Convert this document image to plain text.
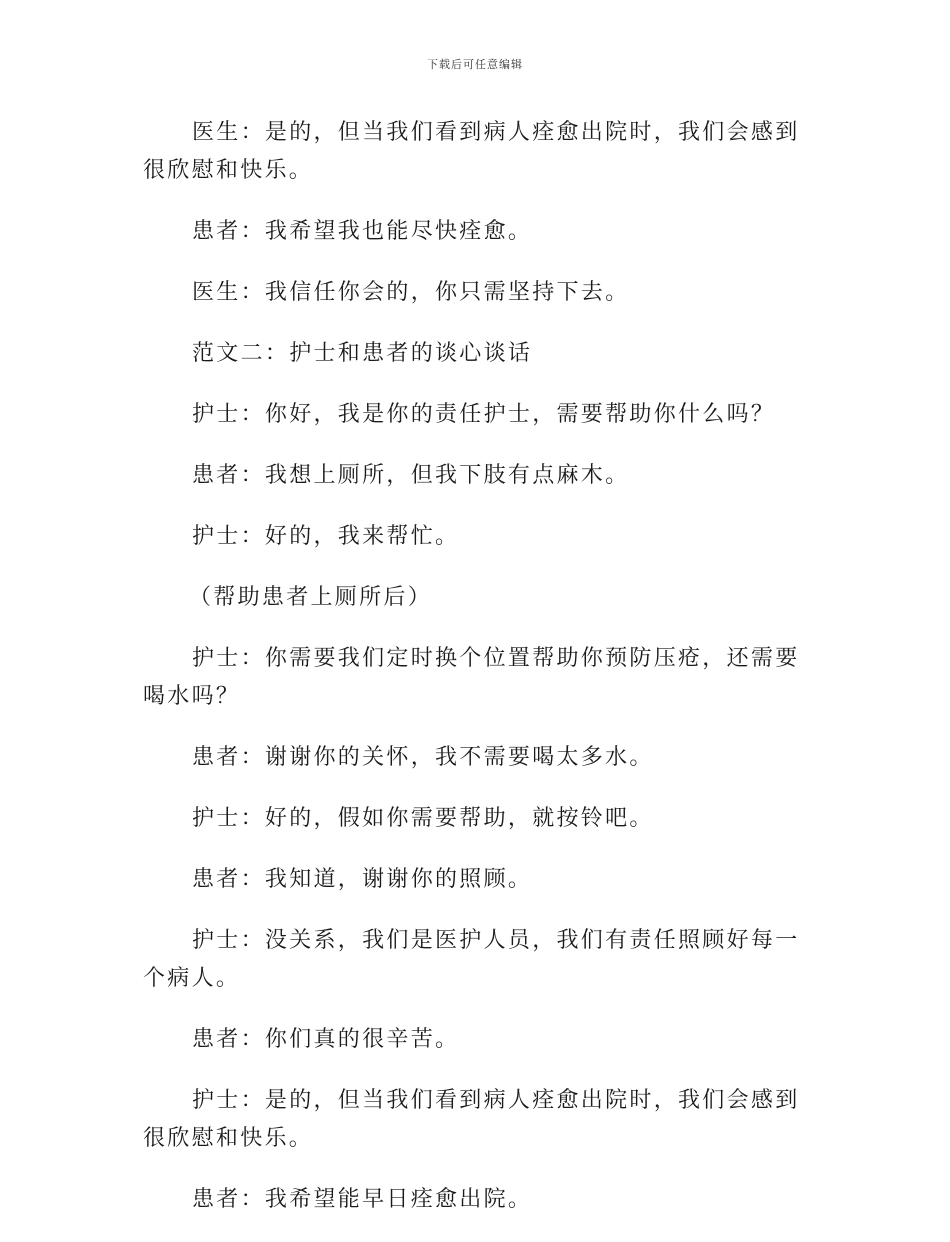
下载后可任意编辑

医生：是的，但当我们看到病人痊愈出院时，我们会感到很欣慰和快乐。

患者：我希望我也能尽快痊愈。

医生：我信任你会的，你只需坚持下去。

范文二：护士和患者的谈心谈话

护士：你好，我是你的责任护士，需要帮助你什么吗？

患者：我想上厕所，但我下肢有点麻木。

护士：好的，我来帮忙。

（帮助患者上厕所后）

护士：你需要我们定时换个位置帮助你预防压疮，还需要喝水吗？

患者：谢谢你的关怀，我不需要喝太多水。

护士：好的，假如你需要帮助，就按铃吧。

患者：我知道，谢谢你的照顾。

护士：没关系，我们是医护人员，我们有责任照顾好每一个病人。

患者：你们真的很辛苦。

护士：是的，但当我们看到病人痊愈出院时，我们会感到很欣慰和快乐。

患者：我希望能早日痊愈出院。
